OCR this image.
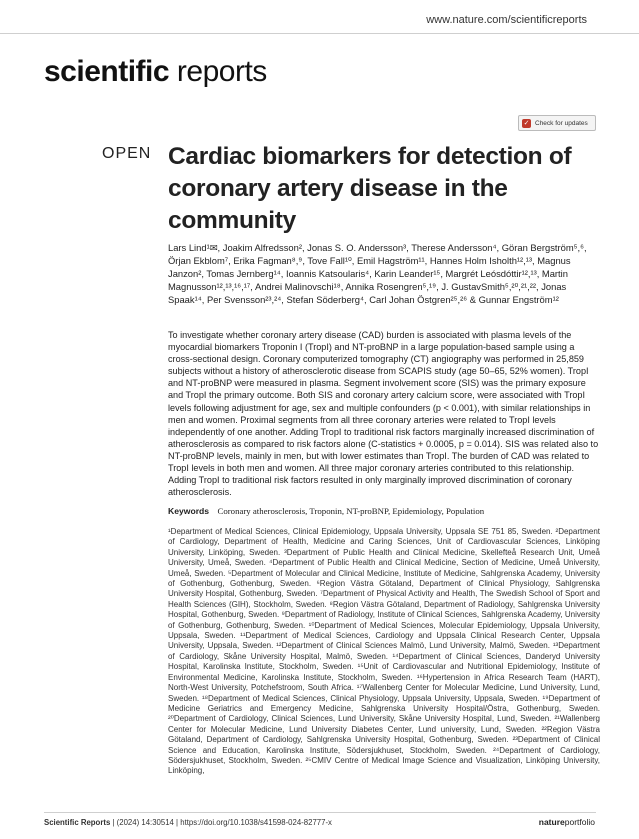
www.nature.com/scientificreports
scientific reports
✓ Check for updates
OPEN Cardiac biomarkers for detection of coronary artery disease in the community
Lars Lind¹✉, Joakim Alfredsson², Jonas S. O. Andersson³, Therese Andersson⁴, Göran Bergström⁵,⁶, Örjan Ekblom⁷, Erika Fagman⁸,⁹, Tove Fall¹⁰, Emil Hagström¹¹, Hannes Holm Isholth¹²,¹³, Magnus Janzon², Tomas Jernberg¹⁴, Ioannis Katsoularis⁴, Karin Leander¹⁵, Margrét Leósdóttir¹²,¹³, Martin Magnusson¹²,¹³,¹⁶,¹⁷, Andrei Malinovschi¹⁸, Annika Rosengren⁵,¹⁹, J. GustavSmith⁵,²⁰,²¹,²², Jonas Spaak¹⁴, Per Svensson²³,²⁴, Stefan Söderberg⁴, Carl Johan Östgren²⁵,²⁶ & Gunnar Engström¹²

To investigate whether coronary artery disease (CAD) burden is associated with plasma levels of the myocardial biomarkers Troponin I (TropI) and NT-proBNP in a large population-based sample using a cross-sectional design. Coronary computerized tomography (CT) angiography was performed in 25,859 subjects without a history of atherosclerotic disease from SCAPIS study (age 50–65, 52% women). TropI and NT-proBNP were measured in plasma. Segment involvement score (SIS) was the primary exposure and TropI the primary outcome. Both SIS and coronary artery calcium score, were associated with TropI levels following adjustment for age, sex and multiple confounders (p < 0.001), with similar relationships in men and women. Proximal segments from all three coronary arteries were related to TropI levels independently of one another. Adding TropI to traditional risk factors marginally increased discrimination of atherosclerosis as compared to risk factors alone (C-statistics + 0.0005, p = 0.014). SIS was related also to NT-proBNP levels, mainly in men, but with lower estimates than TropI. The burden of CAD was related to TropI levels in both men and women. All three major coronary arteries contributed to this relationship. Adding TropI to traditional risk factors resulted in only marginally improved discrimination of coronary atherosclerosis.

Keywords Coronary atherosclerosis, Troponin, NT-proBNP, Epidemiology, Population

¹Department of Medical Sciences, Clinical Epidemiology, Uppsala University, Uppsala SE 751 85, Sweden. ²Department of Cardiology, Department of Health, Medicine and Caring Sciences, Unit of Cardiovascular Sciences, Linköping University, Linköping, Sweden. ³Department of Public Health and Clinical Medicine, Skellefteå Research Unit, Umeå University, Umeå, Sweden. ⁴Department of Public Health and Clinical Medicine, Section of Medicine, Umeå University, Umeå, Sweden. ⁵Department of Molecular and Clinical Medicine, Institute of Medicine, Sahlgrenska Academy, University of Gothenburg, Gothenburg, Sweden. ⁶Region Västra Götaland, Department of Clinical Physiology, Sahlgrenska University Hospital, Gothenburg, Sweden. ⁷Department of Physical Activity and Health, The Swedish School of Sport and Health Sciences (GIH), Stockholm, Sweden. ⁸Region Västra Götaland, Department of Radiology, Sahlgrenska University Hospital, Gothenburg, Sweden. ⁹Department of Radiology, Institute of Clinical Sciences, Sahlgrenska Academy, University of Gothenburg, Gothenburg, Sweden. ¹⁰Department of Medical Sciences, Molecular Epidemiology, Uppsala University, Uppsala, Sweden. ¹¹Department of Medical Sciences, Cardiology and Uppsala Clinical Research Center, Uppsala University, Uppsala, Sweden. ¹²Department of Clinical Sciences Malmö, Lund University, Malmö, Sweden. ¹³Department of Cardiology, Skåne University Hospital, Malmö, Sweden. ¹⁴Department of Clinical Sciences, Danderyd University Hospital, Karolinska Institute, Stockholm, Sweden. ¹⁵Unit of Cardiovascular and Nutritional Epidemiology, Institute of Environmental Medicine, Karolinska Institute, Stockholm, Sweden. ¹⁶Hypertension in Africa Research Team (HART), North-West University, Potchefstroom, South Africa. ¹⁷Wallenberg Center for Molecular Medicine, Lund University, Lund, Sweden. ¹⁸Department of Medical Sciences, Clinical Physiology, Uppsala University, Uppsala, Sweden. ¹⁹Department of Medicine Geriatrics and Emergency Medicine, Sahlgrenska University Hospital/Östra, Gothenburg, Sweden. ²⁰Department of Cardiology, Clinical Sciences, Lund University, Skåne University Hospital, Lund, Sweden. ²¹Wallenberg Center for Molecular Medicine, Lund University Diabetes Center, Lund university, Lund, Sweden. ²²Region Västra Götaland, Department of Cardiology, Sahlgrenska University Hospital, Gothenburg, Sweden. ²³Department of Clinical Science and Education, Karolinska Institute, Södersjukhuset, Stockholm, Sweden. ²⁴Department of Cardiology, Södersjukhuset, Stockholm, Sweden. ²⁵CMIV Centre of Medical Image Science and Visualization, Linköping University, Linköping,

Scientific Reports | (2024) 14:30514 | https://doi.org/10.1038/s41598-024-82777-x	natureportfolio
